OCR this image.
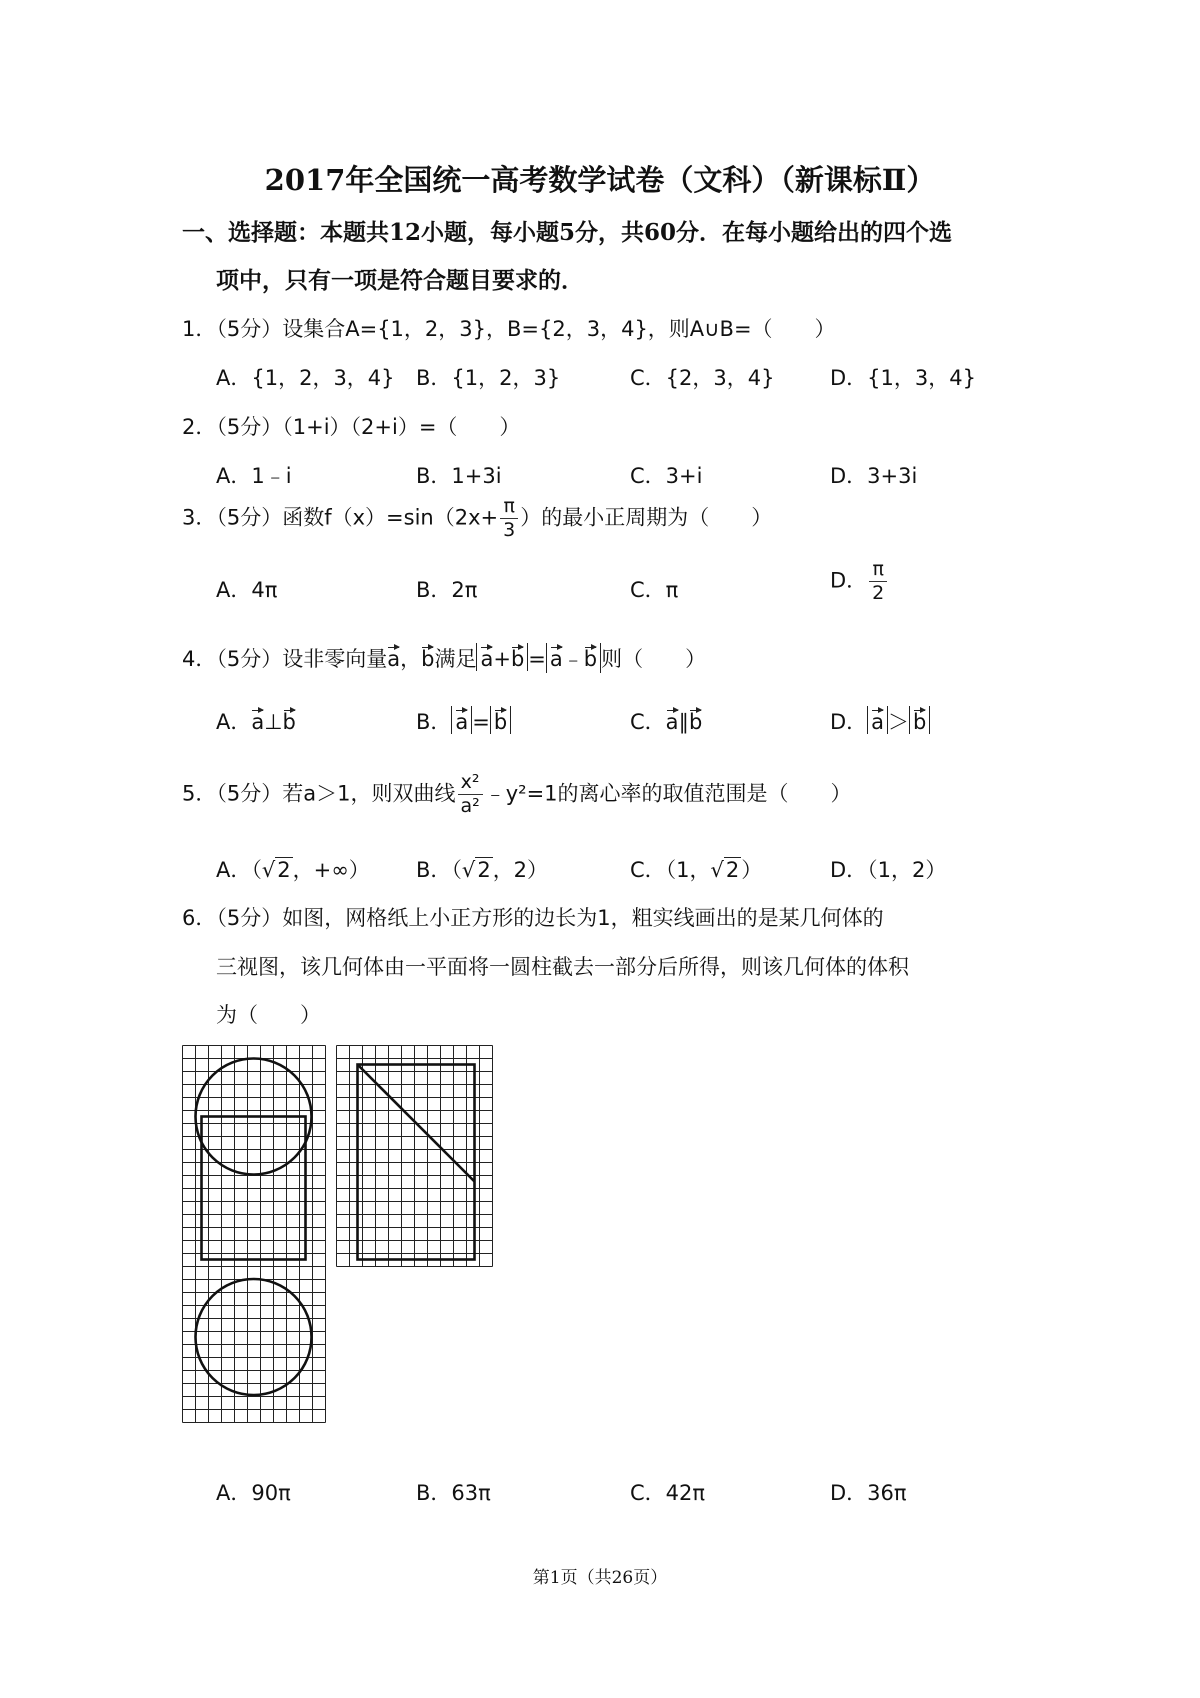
2017年全国统一高考数学试卷（文科）（新课标Ⅱ）
一、选择题：本题共12小题，每小题5分，共60分．在每小题给出的四个选
项中，只有一项是符合题目要求的．
1．（5分）设集合A={1，2，3}，B={2，3，4}，则A∪B=（　　）
A．{1，2，3，4} B．{1，2，3}	C．{2，3，4}	D．{1，3，4}
2．（5分）（1+i）（2+i）=（　　）
A．1﹣i	B．1+3i	C．3+i	D．3+3i
3．（5分）函数$f(x)=\sin(2x+ \frac{\pi}{3}$ ）的最小正周期为（　　）
A．4π	B．2π	C．π	D． $\frac{\pi}{2}$
4．（5分）设非零向量a，b满足 a+b = a﹣b 则（　　）
A．a⊥b	B． a = b	C．a∥b	D． a ＞ b
5．（5分）若a＞1，则双曲线 $\frac{\text{x²}}{\text{a²}}$ ﹣y²=1的离心率的取值范围是（　　）
A．（√2，+∞） B．（√2，2）	C．（1，√2）	D．（1，2）
6．（5分）如图，网格纸上小正方形的边长为1，粗实线画出的是某几何体的
三视图，该几何体由一平面将一圆柱截去一部分后所得，则该几何体的体积
为（　　）
A．90π	B．63π	C．42π	D．36π
第1页（共26页）
